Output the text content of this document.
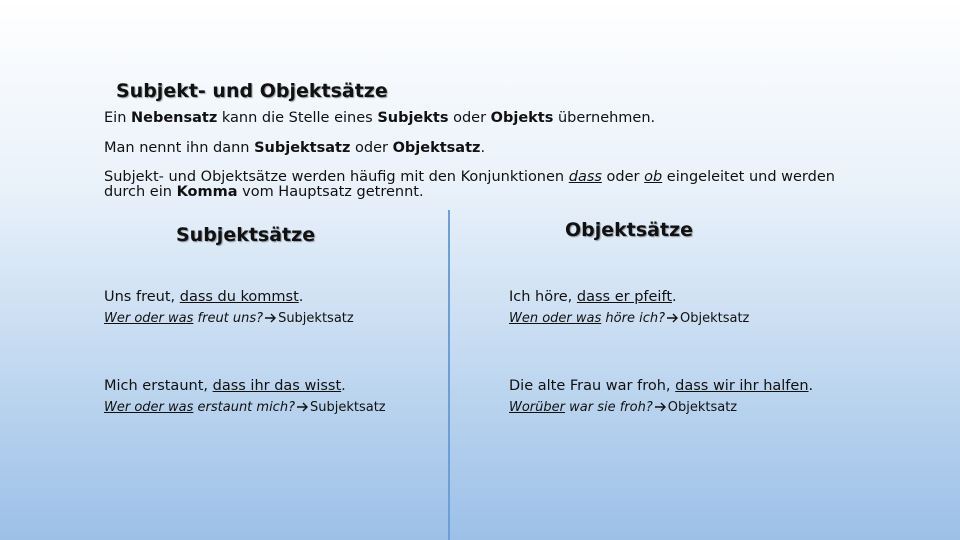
Subjekt- und Objektsätze
Ein Nebensatz kann die Stelle eines Subjekts oder Objekts übernehmen.
Man nennt ihn dann Subjektsatz oder Objektsatz.
Subjekt- und Objektsätze werden häufig mit den Konjunktionen dass oder ob eingeleitet und werden
durch ein Komma vom Hauptsatz getrennt.
Subjektsätze	Objektsätze
Uns freut, dass du kommst.
Wer oder was freut uns? Subjektsatz
Mich erstaunt, dass ihr das wisst.
Wer oder was erstaunt mich? Subjektsatz
Ich höre, dass er pfeift.
Wen oder was höre ich? Objektsatz
Die alte Frau war froh, dass wir ihr halfen.
Worüber war sie froh? Objektsatz
